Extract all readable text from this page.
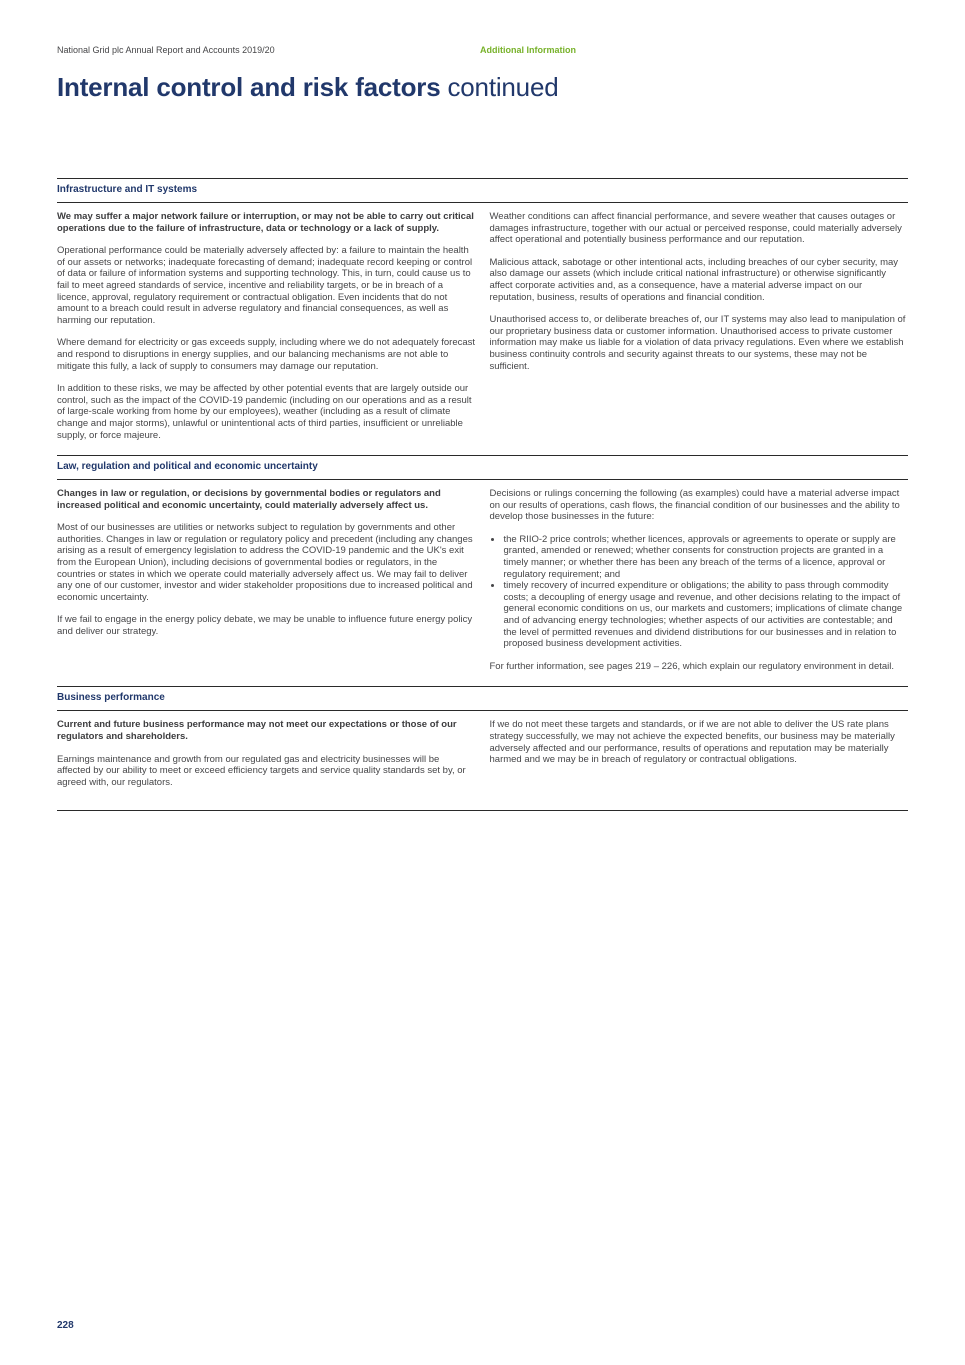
National Grid plc Annual Report and Accounts 2019/20	Additional Information
Internal control and risk factors continued
Infrastructure and IT systems

We may suffer a major network failure or interruption, or may not be able to carry out critical operations due to the failure of infrastructure, data or technology or a lack of supply.

Operational performance could be materially adversely affected by: a failure to maintain the health of our assets or networks; inadequate forecasting of demand; inadequate record keeping or control of data or failure of information systems and supporting technology. This, in turn, could cause us to fail to meet agreed standards of service, incentive and reliability targets, or be in breach of a licence, approval, regulatory requirement or contractual obligation. Even incidents that do not amount to a breach could result in adverse regulatory and financial consequences, as well as harming our reputation.

Where demand for electricity or gas exceeds supply, including where we do not adequately forecast and respond to disruptions in energy supplies, and our balancing mechanisms are not able to mitigate this fully, a lack of supply to consumers may damage our reputation.

In addition to these risks, we may be affected by other potential events that are largely outside our control, such as the impact of the COVID-19 pandemic (including on our operations and as a result of large-scale working from home by our employees), weather (including as a result of climate change and major storms), unlawful or unintentional acts of third parties, insufficient or unreliable supply, or force majeure.

Weather conditions can affect financial performance, and severe weather that causes outages or damages infrastructure, together with our actual or perceived response, could materially adversely affect operational and potentially business performance and our reputation.

Malicious attack, sabotage or other intentional acts, including breaches of our cyber security, may also damage our assets (which include critical national infrastructure) or otherwise significantly affect corporate activities and, as a consequence, have a material adverse impact on our reputation, business, results of operations and financial condition.

Unauthorised access to, or deliberate breaches of, our IT systems may also lead to manipulation of our proprietary business data or customer information. Unauthorised access to private customer information may make us liable for a violation of data privacy regulations. Even where we establish business continuity controls and security against threats to our systems, these may not be sufficient.

Law, regulation and political and economic uncertainty

Changes in law or regulation, or decisions by governmental bodies or regulators and increased political and economic uncertainty, could materially adversely affect us.

Most of our businesses are utilities or networks subject to regulation by governments and other authorities. Changes in law or regulation or regulatory policy and precedent (including any changes arising as a result of emergency legislation to address the COVID-19 pandemic and the UK's exit from the European Union), including decisions of governmental bodies or regulators, in the countries or states in which we operate could materially adversely affect us. We may fail to deliver any one of our customer, investor and wider stakeholder propositions due to increased political and economic uncertainty.

If we fail to engage in the energy policy debate, we may be unable to influence future energy policy and deliver our strategy.

Decisions or rulings concerning the following (as examples) could have a material adverse impact on our results of operations, cash flows, the financial condition of our businesses and the ability to develop those businesses in the future:

• the RIIO-2 price controls; whether licences, approvals or agreements to operate or supply are granted, amended or renewed; whether consents for construction projects are granted in a timely manner; or whether there has been any breach of the terms of a licence, approval or regulatory requirement; and
• timely recovery of incurred expenditure or obligations; the ability to pass through commodity costs; a decoupling of energy usage and revenue, and other decisions relating to the impact of general economic conditions on us, our markets and customers; implications of climate change and of advancing energy technologies; whether aspects of our activities are contestable; and the level of permitted revenues and dividend distributions for our businesses and in relation to proposed business development activities.

For further information, see pages 219 – 226, which explain our regulatory environment in detail.

Business performance

Current and future business performance may not meet our expectations or those of our regulators and shareholders.

Earnings maintenance and growth from our regulated gas and electricity businesses will be affected by our ability to meet or exceed efficiency targets and service quality standards set by, or agreed with, our regulators.

If we do not meet these targets and standards, or if we are not able to deliver the US rate plans strategy successfully, we may not achieve the expected benefits, our business may be materially adversely affected and our performance, results of operations and reputation may be materially harmed and we may be in breach of regulatory or contractual obligations.

228
